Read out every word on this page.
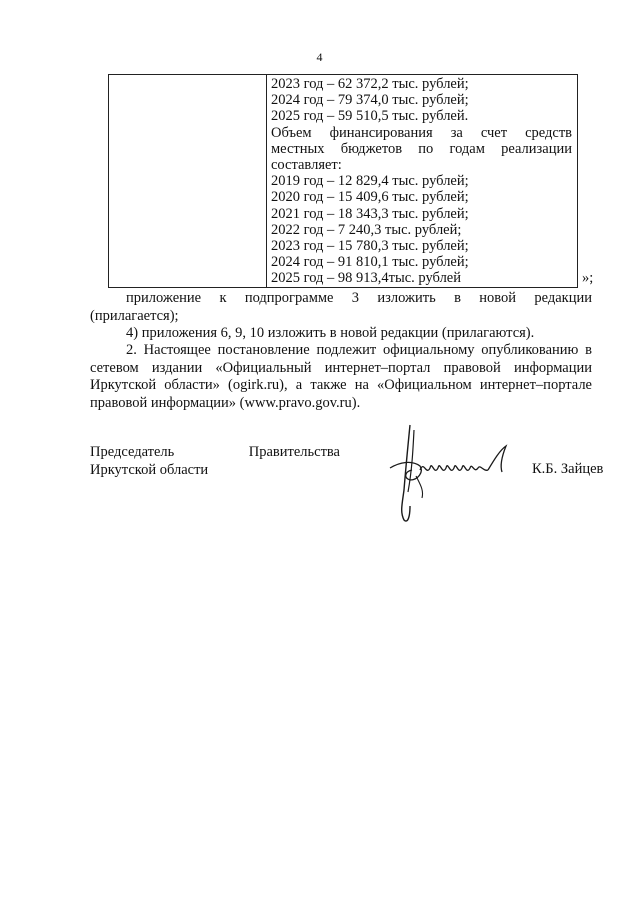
4
2023 год – 62 372,2 тыс. рублей;
2024 год – 79 374,0 тыс. рублей;
2025 год – 59 510,5 тыс. рублей.
Объем финансирования за счет средств
местных бюджетов по годам реализации
составляет:
2019 год – 12 829,4 тыс. рублей;
2020 год – 15 409,6 тыс. рублей;
2021 год – 18 343,3 тыс. рублей;
2022 год – 7 240,3 тыс. рублей;
2023 год – 15 780,3 тыс. рублей;
2024 год – 91 810,1 тыс. рублей;
2025 год – 98 913,4тыс. рублей	»;
приложение к подпрограмме 3 изложить в новой редакции
(прилагается);
4) приложения 6, 9, 10 изложить в новой редакции (прилагаются).
2. Настоящее постановление подлежит официальному опубликованию в
сетевом издании «Официальный интернет–портал правовой информации
Иркутской области» (ogirk.ru), а также на «Официальном интернет–портале
правовой информации» (www.pravo.gov.ru).
Председатель	Правительства
Иркутской области	К.Б. Зайцев
